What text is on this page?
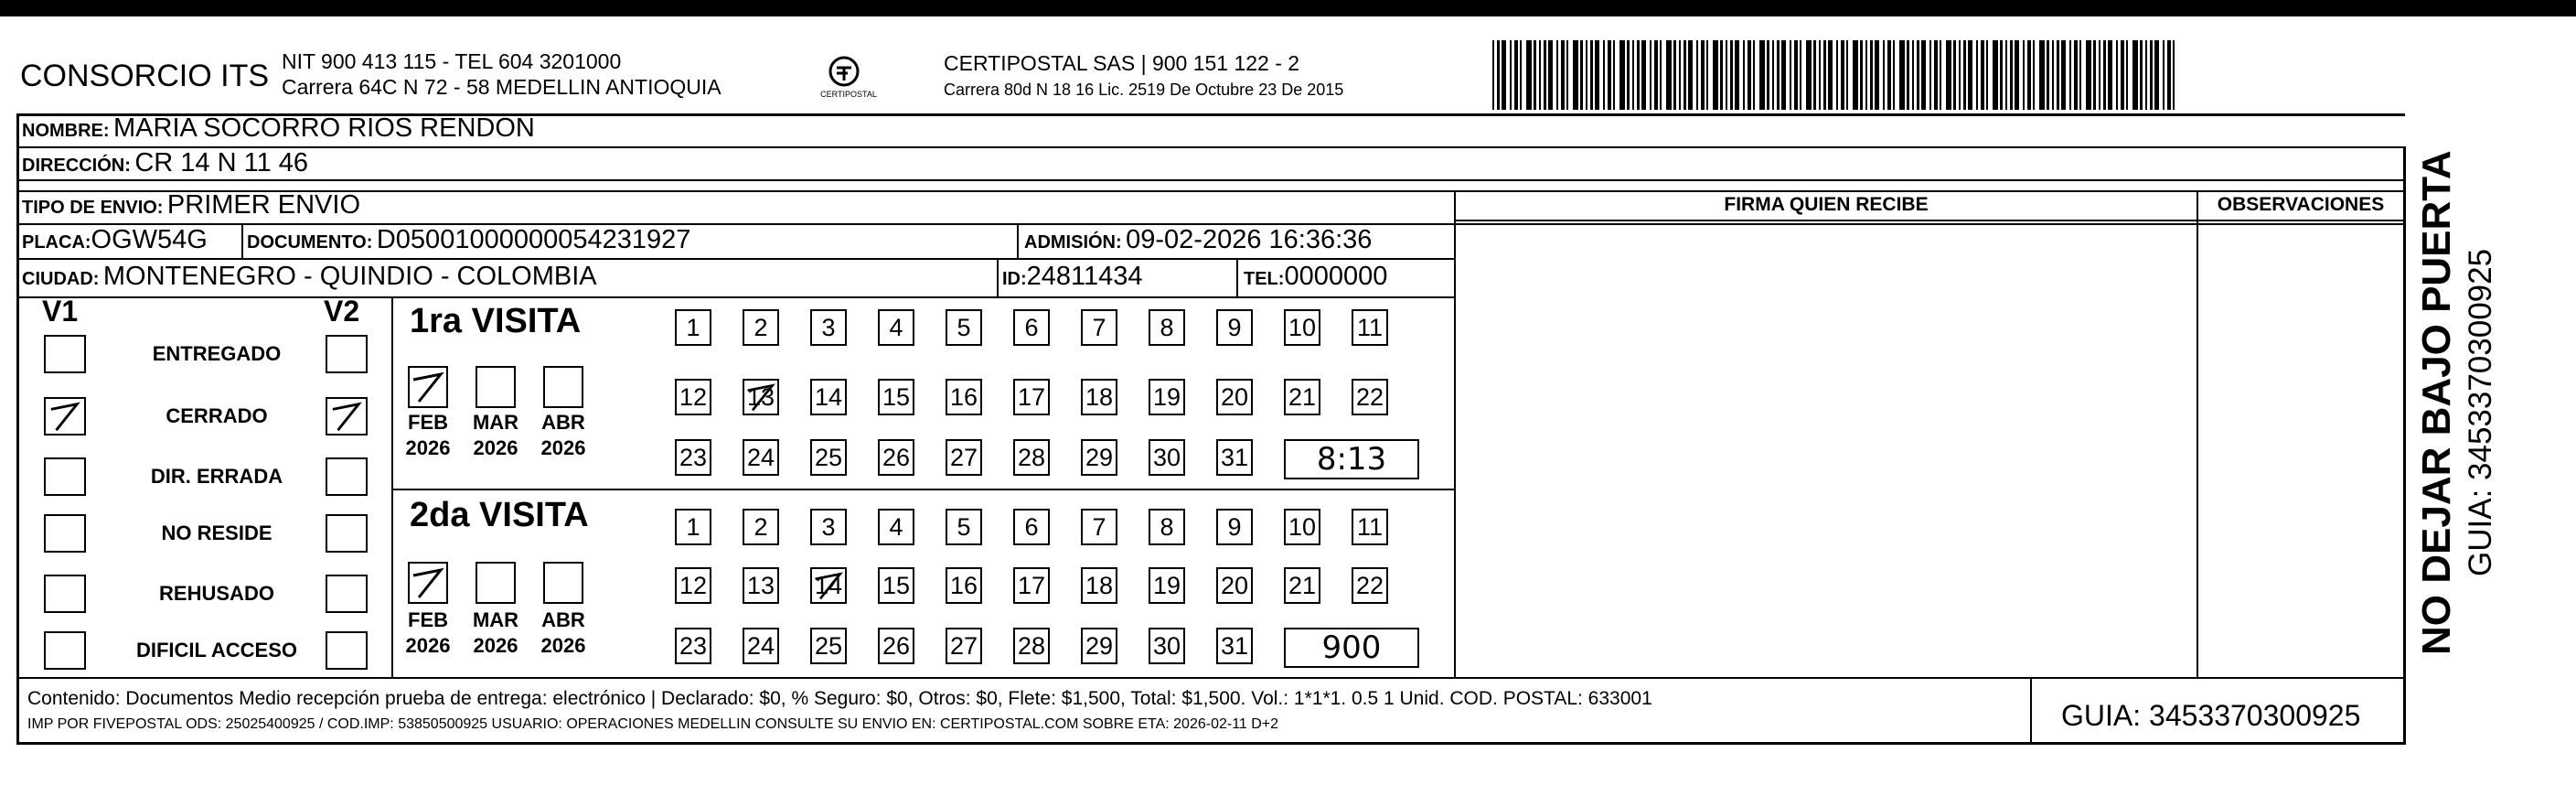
CONSORCIO ITS NIT 900 413 115 - TEL 604 3201000
Carrera 64C N 72 - 58 MEDELLIN ANTIOQUIA	CERTIPOSTAL
CERTIPOSTAL SAS | 900 151 122 - 2
Carrera 80d N 18 16 Lic. 2519 De Octubre 23 De 2015
NOMBRE: MARIA SOCORRO RIOS RENDON
DIRECCIÓN: CR 14 N 11 46
TIPO DE ENVIO: PRIMER ENVIO
PLACA:OGW54G DOCUMENTO: D05001000000054231927	ADMISIÓN: 09-02-2026 16:36:36
CIUDAD: MONTENEGRO - QUINDIO - COLOMBIA	ID:24811434	TEL:0000000
FIRMA QUIEN RECIBE	OBSERVACIONES
V1	V2
ENTREGADO
CERRADO
DIR. ERRADA
NO RESIDE
REHUSADO
DIFICIL ACCESO
1ra VISITA
FEB
2026
MAR
2026
ABR
2026
1	2	3	4	5	6	7	8	9	10 11
12 13 14 15 16 17 18 19 20 21 22
23 24 25 26 27 28 29 30 31	8:13
2da VISITA
FEB
2026
MAR
2026
ABR
2026
1	2	3	4	5	6	7	8	9	10 11
12 13 14 15 16 17 18 19 20 21 22
23 24 25 26 27 28 29 30 31	900
Contenido: Documentos Medio recepción prueba de entrega: electrónico | Declarado: $0, % Seguro: $0, Otros: $0, Flete: $1,500, Total: $1,500. Vol.: 1*1*1. 0.5 1 Unid. COD. POSTAL: 633001
IMP POR FIVEPOSTAL ODS: 25025400925 / COD.IMP: 53850500925 USUARIO: OPERACIONES MEDELLIN CONSULTE SU ENVIO EN: CERTIPOSTAL.COM SOBRE ETA: 2026-02-11 D+2	GUIA: 3453370300925
NO DEJAR BAJO PUERTA GUIA: 3453370300925
